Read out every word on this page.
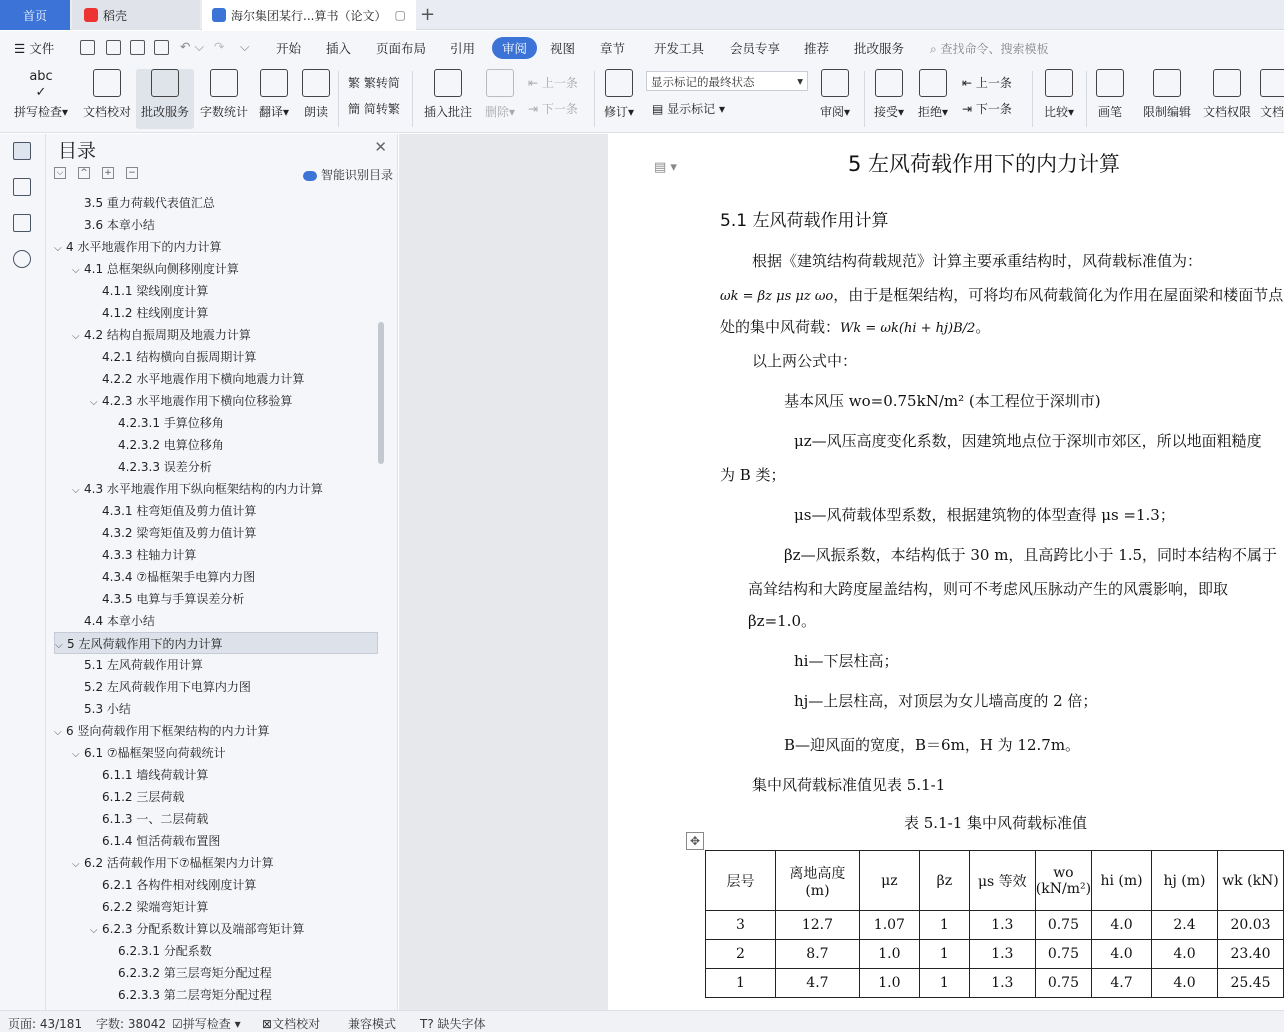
首页	稻壳	海尔集团某行...算书（论文） ▢ +
☰ 文件	↶ ⌵ ↷ ⌵ 开始 插入 页面布局 引用	审阅	视图 章节 开发工具 会员专享 推荐 批改服务 ⌕ 查找命令、搜索模板
abc
✓
拼写检查▾	文档校对 批改服务 字数统计 翻译▾	朗读
繁 繁转简
簡 简转繁	插入批注	删除▾
⇤ 上一条
⇥ 下一条	修订▾
显示标记的最终状态	▾
▤ 显示标记 ▾	审阅▾	接受▾	拒绝▾
⇤ 上一条
⇥ 下一条	比较▾	画笔	限制编辑 文档权限 文档
目录	✕
⌵ ^ + −	智能识别目录
3.5 重力荷载代表值汇总
3.6 本章小结
⌵ 4 水平地震作用下的内力计算
⌵ 4.1 总框架纵向侧移刚度计算
4.1.1 梁线刚度计算
4.1.2 柱线刚度计算
⌵ 4.2 结构自振周期及地震力计算
4.2.1 结构横向自振周期计算
4.2.2 水平地震作用下横向地震力计算
⌵ 4.2.3 水平地震作用下横向位移验算
4.2.3.1 手算位移角
4.2.3.2 电算位移角
4.2.3.3 误差分析
⌵ 4.3 水平地震作用下纵向框架结构的内力计算
4.3.1 柱弯矩值及剪力值计算
4.3.2 梁弯矩值及剪力值计算
4.3.3 柱轴力计算
4.3.4 ⑦榀框架手电算内力图
4.3.5 电算与手算误差分析
4.4 本章小结
⌵ 5 左风荷载作用下的内力计算
5.1 左风荷载作用计算
5.2 左风荷载作用下电算内力图
5.3 小结
⌵ 6 竖向荷载作用下框架结构的内力计算
⌵ 6.1 ⑦榀框架竖向荷载统计
6.1.1 墙线荷载计算
6.1.2 三层荷载
6.1.3 一、二层荷载
6.1.4 恒活荷载布置图
⌵ 6.2 活荷载作用下⑦榀框架内力计算
6.2.1 各构件相对线刚度计算
6.2.2 梁端弯矩计算
⌵ 6.2.3 分配系数计算以及端部弯矩计算
6.2.3.1 分配系数
6.2.3.2 第三层弯矩分配过程
6.2.3.3 第二层弯矩分配过程
▤ ▾	5 左风荷载作用下的内力计算
5.1 左风荷载作用计算
根据《建筑结构荷载规范》计算主要承重结构时，风荷载标准值为：
ωk = βz μs μz ωo，由于是框架结构，可将均布风荷载简化为作用在屋面梁和楼面节点
处的集中风荷载：Wk = ωk(hi + hj)B/2。
以上两公式中：
基本风压 wo=0.75kN/m² (本工程位于深圳市)
μz—风压高度变化系数，因建筑地点位于深圳市郊区，所以地面粗糙度
为 B 类；
μs—风荷载体型系数，根据建筑物的体型查得 μs =1.3；
βz—风振系数，本结构低于 30 m，且高跨比小于 1.5，同时本结构不属于
高耸结构和大跨度屋盖结构，则可不考虑风压脉动产生的风震影响，即取
βz=1.0。
hi—下层柱高；
hj—上层柱高，对顶层为女儿墙高度的 2 倍；
B—迎风面的宽度，B＝6m，H 为 12.7m。
集中风荷载标准值见表 5.1-1
表 5.1-1 集中风荷载标准值
✥
层号	离地高度 (m)	μz	βz	μs 等效	wo (kN/m²)	hi (m)	hj (m)	wk (kN)
3	12.7	1.07	1	1.3	0.75	4.0	2.4	20.03
2	8.7	1.0	1	1.3	0.75	4.0	4.0	23.40
1	4.7	1.0	1	1.3	0.75	4.7	4.0	25.45
页面: 43/181 字数: 38042 ☑拼写检查 ▾ ⊠文档校对 兼容模式 T? 缺失字体
